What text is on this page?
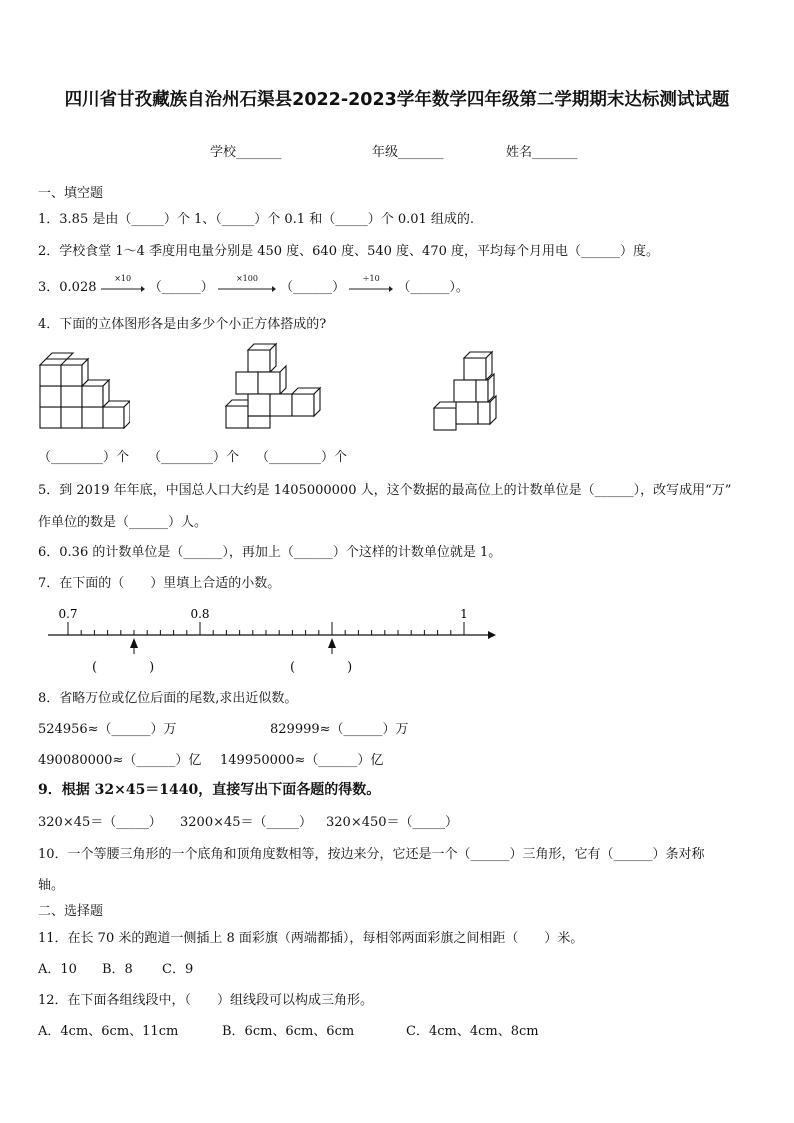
四川省甘孜藏族自治州石渠县2022-2023学年数学四年级第二学期期末达标测试试题
学校_______	年级_______	姓名_______
一、填空题
1．3.85 是由（_____）个 1、（_____）个 0.1 和（_____）个 0.01 组成的.
2．学校食堂 1～4 季度用电量分别是 450 度、640 度、540 度、470 度，平均每个月用电（______）度。
3．0.028
×10
（______）
×100
（______）
÷10
（______）。
4．下面的立体图形各是由多少个小正方体搭成的?
（________）个 （________）个 （________）个
5．到 2019 年年底，中国总人口大约是 1405000000 人，这个数据的最高位上的计数单位是（______），改写成用“万”
作单位的数是（______）人。
6．0.36 的计数单位是（______），再加上（______）个这样的计数单位就是 1。
7．在下面的（　　）里填上合适的小数。
0.7	0.8	1
(　　　　)	(　　　　)
8．省略万位或亿位后面的尾数,求出近似数。
524956≈（______）万	829999≈（______）万
490080000≈（______）亿 149950000≈（______）亿
9．根据 32×45＝1440，直接写出下面各题的得数。
320×45＝（_____） 3200×45＝（_____） 320×450＝（_____）
10．一个等腰三角形的一个底角和顶角度数相等，按边来分，它还是一个（______）三角形，它有（______）条对称
轴。
二、选择题
11．在长 70 米的跑道一侧插上 8 面彩旗（两端都插），每相邻两面彩旗之间相距（　　）米。
A．10 B．8 C．9
12．在下面各组线段中，（　　）组线段可以构成三角形。
A．4cm、6cm、11cm	B．6cm、6cm、6cm	C．4cm、4cm、8cm
